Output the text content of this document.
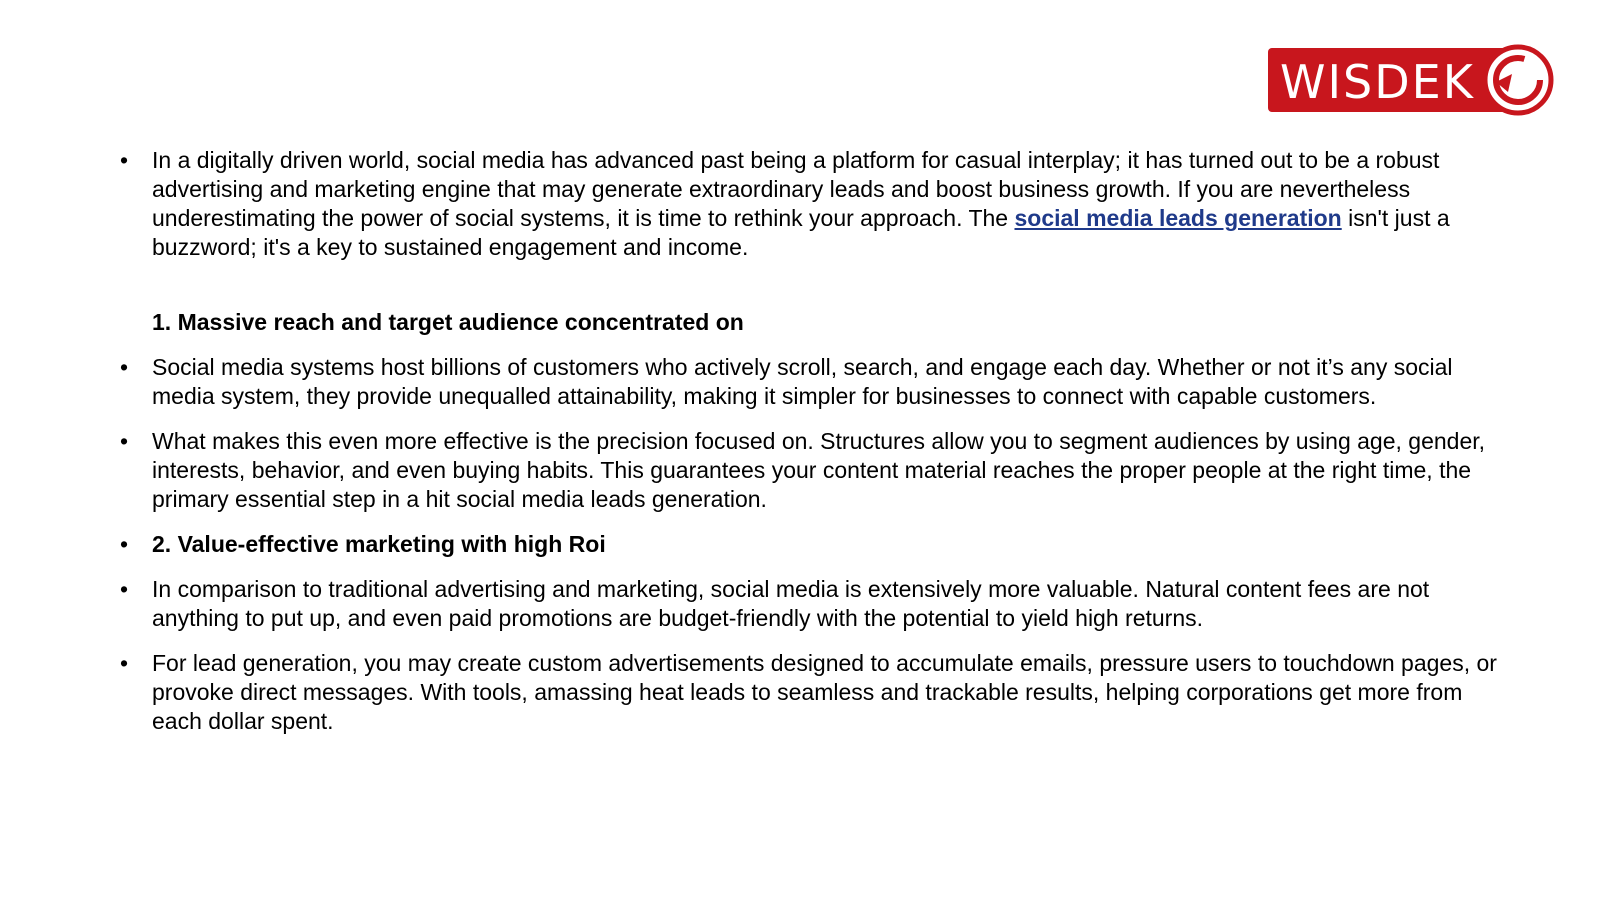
WISDEK
• In a digitally driven world, social media has advanced past being a platform for casual interplay; it has turned out to be a robust advertising and marketing engine that may generate extraordinary leads and boost business growth. If you are nevertheless underestimating the power of social systems, it is time to rethink your approach. The social media leads generation isn't just a buzzword; it's a key to sustained engagement and income.
1. Massive reach and target audience concentrated on
• Social media systems host billions of customers who actively scroll, search, and engage each day. Whether or not it’s any social media system, they provide unequalled attainability, making it simpler for businesses to connect with capable customers.
• What makes this even more effective is the precision focused on. Structures allow you to segment audiences by using age, gender, interests, behavior, and even buying habits. This guarantees your content material reaches the proper people at the right time, the primary essential step in a hit social media leads generation.
• 2. Value-effective marketing with high Roi
• In comparison to traditional advertising and marketing, social media is extensively more valuable. Natural content fees are not anything to put up, and even paid promotions are budget-friendly with the potential to yield high returns.
• For lead generation, you may create custom advertisements designed to accumulate emails, pressure users to touchdown pages, or provoke direct messages. With tools, amassing heat leads to seamless and trackable results, helping corporations get more from each dollar spent.
